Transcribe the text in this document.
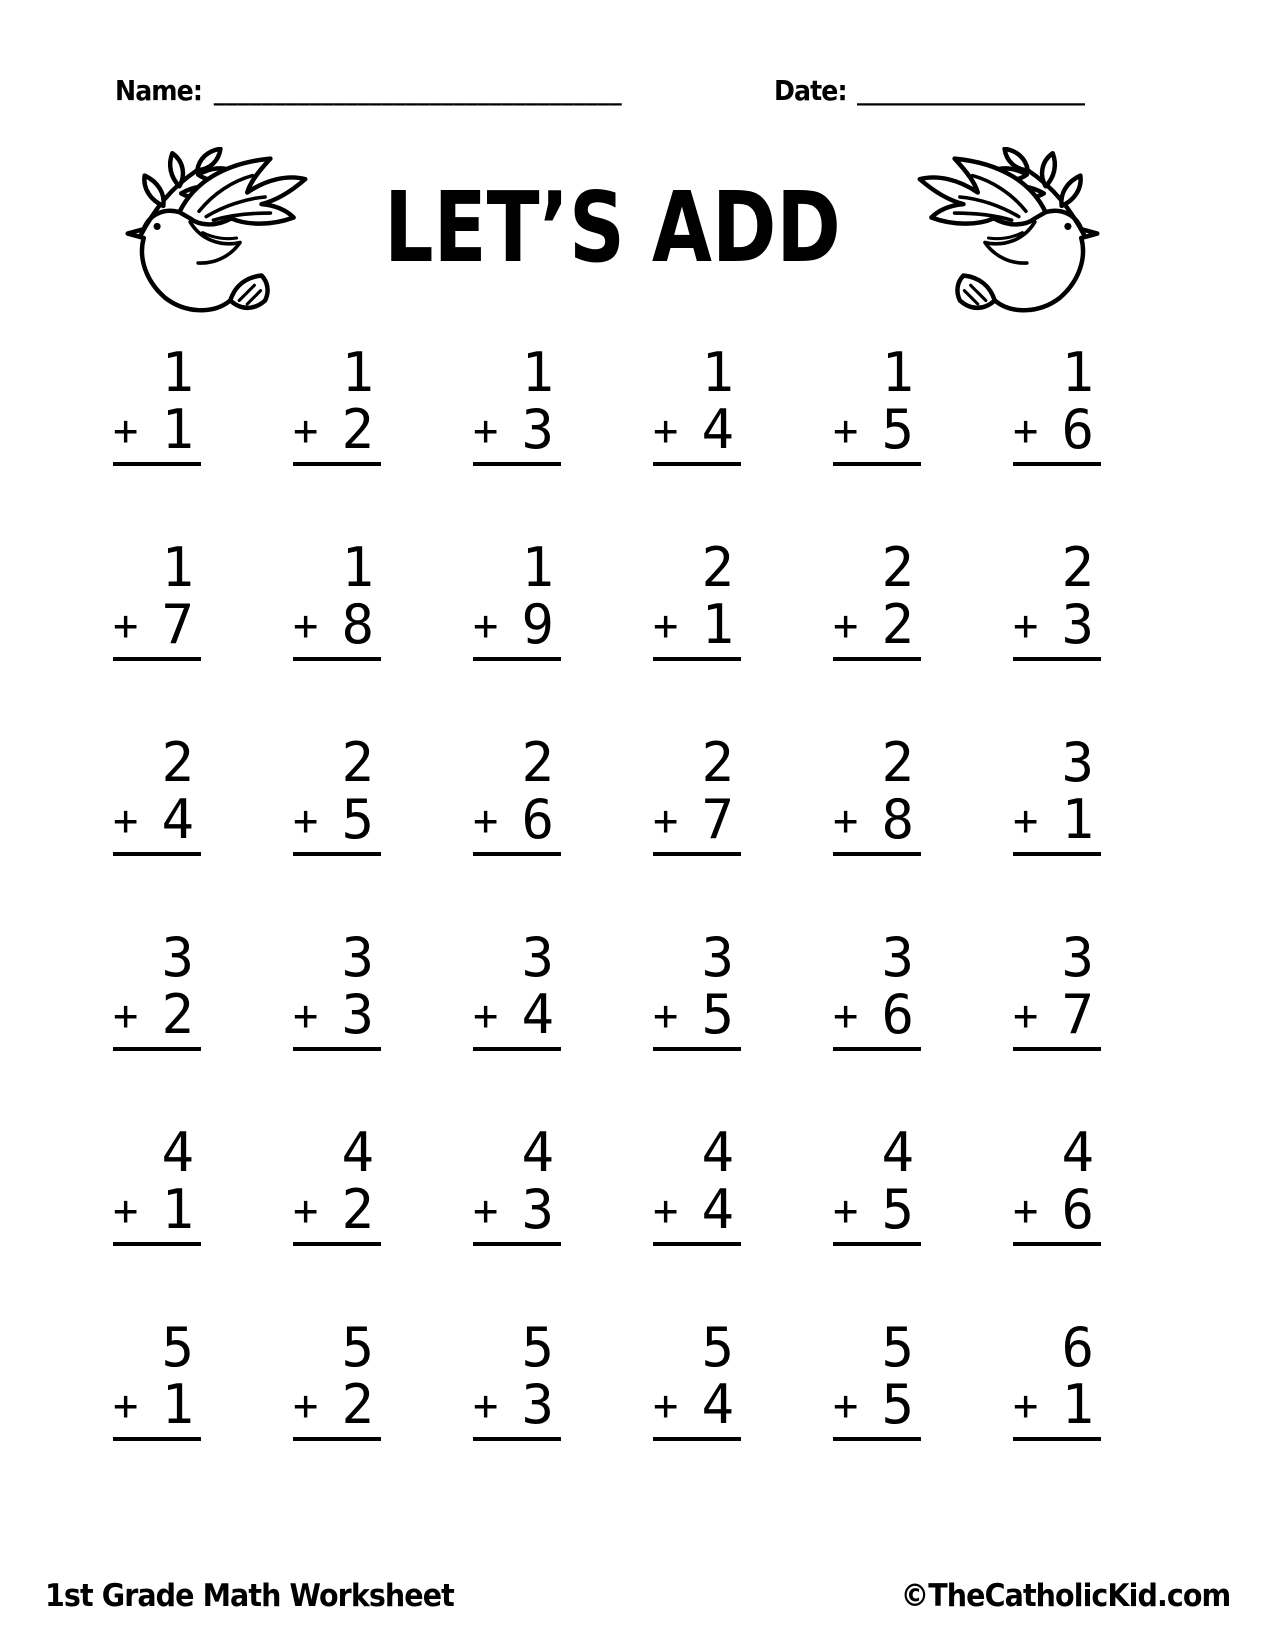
Name: __________________________________	Date: ___________________
LET’S ADD
1
+ 1
1
+ 2
1
+ 3
1
+ 4
1
+ 5
1
+ 6
1
+ 7
1
+ 8
1
+ 9
2
+ 1
2
+ 2
2
+ 3
2
+ 4
2
+ 5
2
+ 6
2
+ 7
2
+ 8
3
+ 1
3
+ 2
3
+ 3
3
+ 4
3
+ 5
3
+ 6
3
+ 7
4
+ 1
4
+ 2
4
+ 3
4
+ 4
4
+ 5
4
+ 6
5
+ 1
5
+ 2
5
+ 3
5
+ 4
5
+ 5
6
+ 1
1st Grade Math Worksheet	©TheCatholicKid.com
